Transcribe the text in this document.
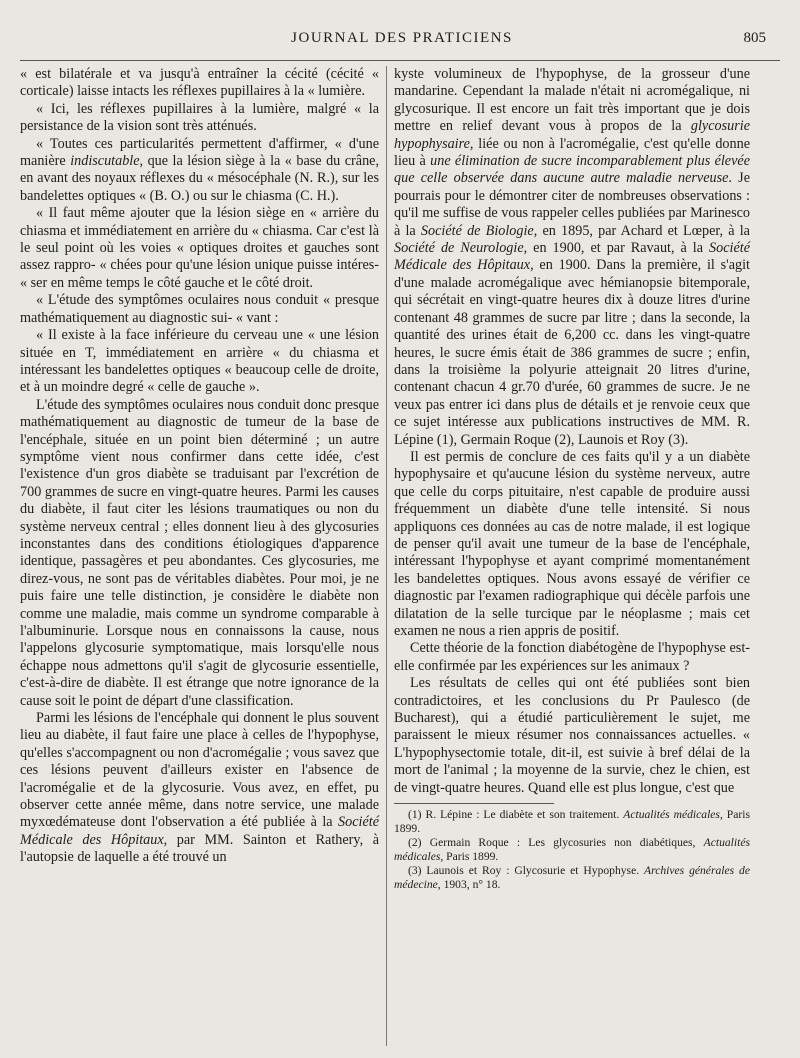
JOURNAL DES PRATICIENS	805

« est bilatérale et va jusqu'à entraîner la cécité (cécité « corticale) laisse intacts les réflexes pupillaires à la « lumière.

« Ici, les réflexes pupillaires à la lumière, malgré « la persistance de la vision sont très atténués.

« Toutes ces particularités permettent d'affirmer, « d'une manière indiscutable, que la lésion siège à la « base du crâne, en avant des noyaux réflexes du « mésocéphale (N. R.), sur les bandelettes optiques « (B. O.) ou sur le chiasma (C. H.).

« Il faut même ajouter que la lésion siège en « arrière du chiasma et immédiatement en arrière du « chiasma. Car c'est là le seul point où les voies « optiques droites et gauches sont assez rappro- « chées pour qu'une lésion unique puisse intéres- « ser en même temps le côté gauche et le côté droit.

« L'étude des symptômes oculaires nous conduit « presque mathématiquement au diagnostic sui- « vant :

« Il existe à la face inférieure du cerveau une « une lésion située en T, immédiatement en arrière « du chiasma et intéressant les bandelettes optiques « beaucoup celle de droite, et à un moindre degré « celle de gauche ».

L'étude des symptômes oculaires nous conduit donc presque mathématiquement au diagnostic de tumeur de la base de l'encéphale, située en un point bien déterminé ; un autre symptôme vient nous confirmer dans cette idée, c'est l'existence d'un gros diabète se traduisant par l'excrétion de 700 grammes de sucre en vingt-quatre heures. Parmi les causes du diabète, il faut citer les lésions traumatiques ou non du système nerveux central ; elles donnent lieu à des glycosuries inconstantes dans des conditions étiologiques d'apparence identique, passagères et peu abondantes. Ces glycosuries, me direz-vous, ne sont pas de véritables diabètes. Pour moi, je ne puis faire une telle distinction, je considère le diabète non comme une maladie, mais comme un syndrome comparable à l'albuminurie. Lorsque nous en connaissons la cause, nous l'appelons glycosurie symptomatique, mais lorsqu'elle nous échappe nous admettons qu'il s'agit de glycosurie essentielle, c'est-à-dire de diabète. Il est étrange que notre ignorance de la cause soit le point de départ d'une classification.

Parmi les lésions de l'encéphale qui donnent le plus souvent lieu au diabète, il faut faire une place à celles de l'hypophyse, qu'elles s'accompagnent ou non d'acromégalie ; vous savez que ces lésions peuvent d'ailleurs exister en l'absence de l'acromégalie et de la glycosurie. Vous avez, en effet, pu observer cette année même, dans notre service, une malade myxœdémateuse dont l'observation a été publiée à la Société Médicale des Hôpitaux, par MM. Sainton et Rathery, à l'autopsie de laquelle a été trouvé un

kyste volumineux de l'hypophyse, de la grosseur d'une mandarine. Cependant la malade n'était ni acromégalique, ni glycosurique. Il est encore un fait très important que je dois mettre en relief devant vous à propos de la glycosurie hypophysaire, liée ou non à l'acromégalie, c'est qu'elle donne lieu à une élimination de sucre incomparablement plus élevée que celle observée dans aucune autre maladie nerveuse. Je pourrais pour le démontrer citer de nombreuses observations : qu'il me suffise de vous rappeler celles publiées par Marinesco à la Société de Biologie, en 1895, par Achard et Lœper, à la Société de Neurologie, en 1900, et par Ravaut, à la Société Médicale des Hôpitaux, en 1900. Dans la première, il s'agit d'une malade acromégalique avec hémianopsie bitemporale, qui sécrétait en vingt-quatre heures dix à douze litres d'urine contenant 48 grammes de sucre par litre ; dans la seconde, la quantité des urines était de 6,200 cc. dans les vingt-quatre heures, le sucre émis était de 386 grammes de sucre ; enfin, dans la troisième la polyurie atteignait 20 litres d'urine, contenant chacun 4 gr.70 d'urée, 60 grammes de sucre. Je ne veux pas entrer ici dans plus de détails et je renvoie ceux que ce sujet intéresse aux publications instructives de MM. R. Lépine (1), Germain Roque (2), Launois et Roy (3).

Il est permis de conclure de ces faits qu'il y a un diabète hypophysaire et qu'aucune lésion du système nerveux, autre que celle du corps pituitaire, n'est capable de produire aussi fréquemment un diabète d'une telle intensité. Si nous appliquons ces données au cas de notre malade, il est logique de penser qu'il avait une tumeur de la base de l'encéphale, intéressant l'hypophyse et ayant comprimé momentanément les bandelettes optiques. Nous avons essayé de vérifier ce diagnostic par l'examen radiographique qui décèle parfois une dilatation de la selle turcique par le néoplasme ; mais cet examen ne nous a rien appris de positif.

Cette théorie de la fonction diabétogène de l'hypophyse est-elle confirmée par les expériences sur les animaux ?

Les résultats de celles qui ont été publiées sont bien contradictoires, et les conclusions du Pr Paulesco (de Bucharest), qui a étudié particulièrement le sujet, me paraissent le mieux résumer nos connaissances actuelles. « L'hypophysectomie totale, dit-il, est suivie à bref délai de la mort de l'animal ; la moyenne de la survie, chez le chien, est de vingt-quatre heures. Quand elle est plus longue, c'est que

(1) R. Lépine : Le diabète et son traitement. Actualités médicales, Paris 1899.

(2) Germain Roque : Les glycosuries non diabétiques, Actualités médicales, Paris 1899.

(3) Launois et Roy : Glycosurie et Hypophyse. Archives générales de médecine, 1903, n° 18.
